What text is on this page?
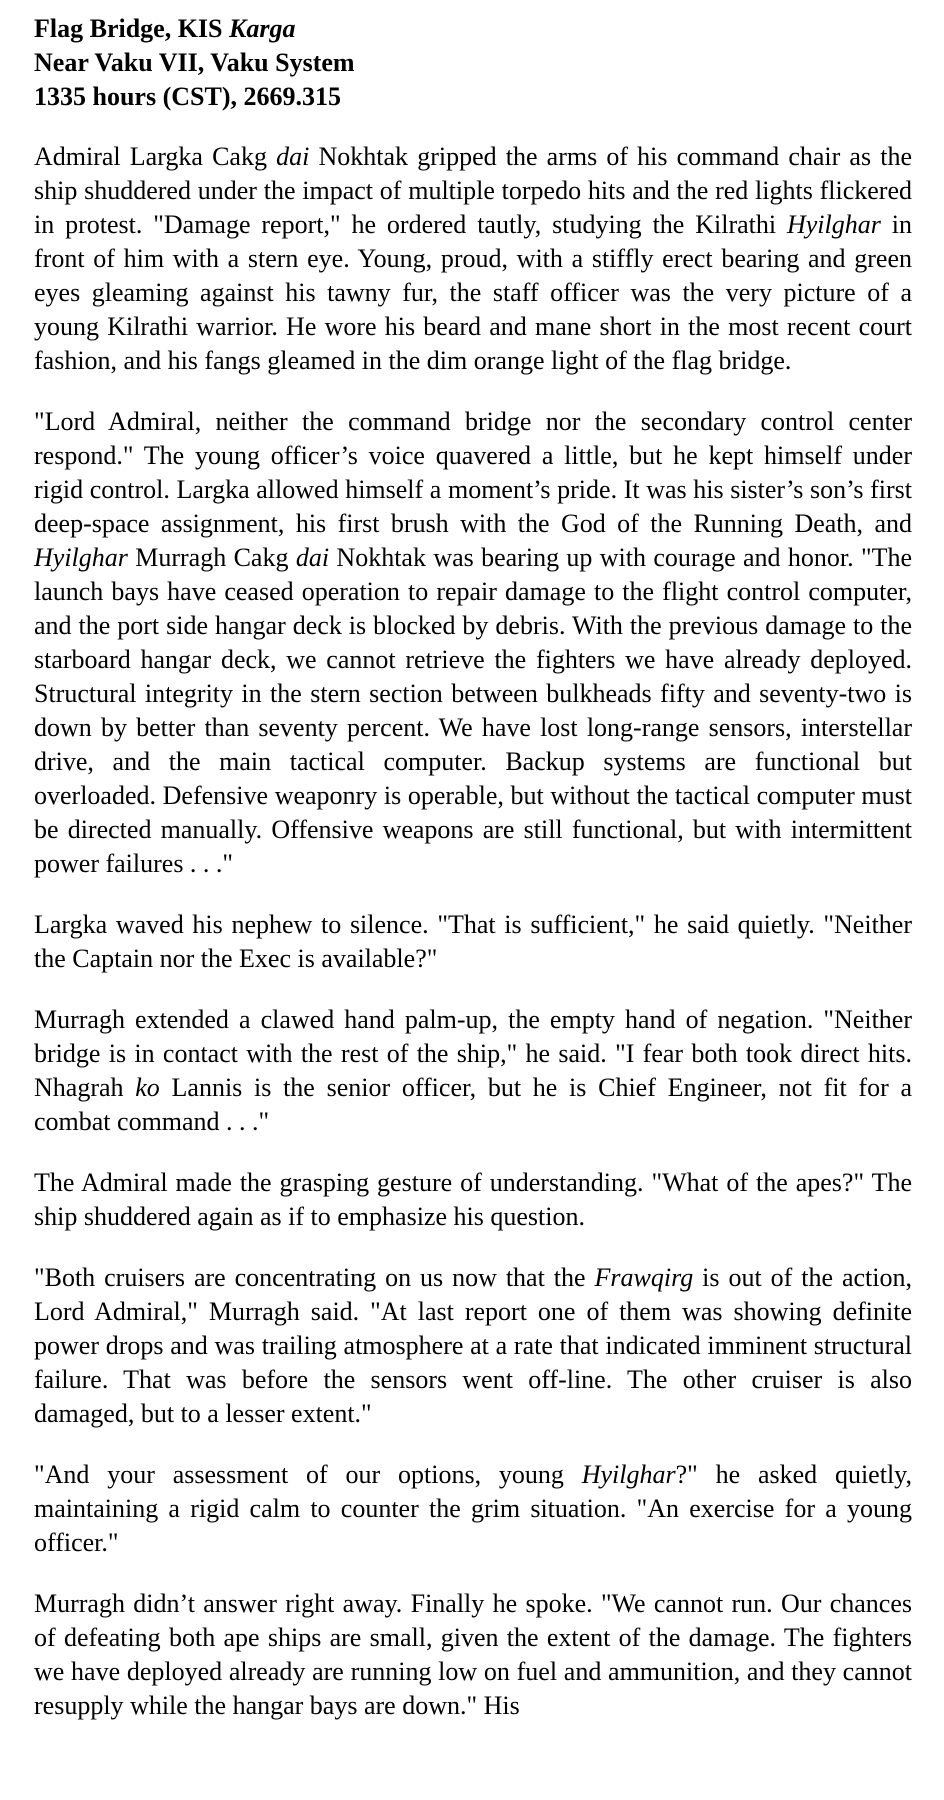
Flag Bridge, KIS Karga
Near Vaku VII, Vaku System
1335 hours (CST), 2669.315

Admiral Largka Cakg dai Nokhtak gripped the arms of his command chair as the ship shuddered under the impact of multiple torpedo hits and the red lights flickered in protest. "Damage report," he ordered tautly, studying the Kilrathi Hyilghar in front of him with a stern eye. Young, proud, with a stiffly erect bearing and green eyes gleaming against his tawny fur, the staff officer was the very picture of a young Kilrathi warrior. He wore his beard and mane short in the most recent court fashion, and his fangs gleamed in the dim orange light of the flag bridge.

"Lord Admiral, neither the command bridge nor the secondary control center respond." The young officer’s voice quavered a little, but he kept himself under rigid control. Largka allowed himself a moment’s pride. It was his sister’s son’s first deep-space assignment, his first brush with the God of the Running Death, and Hyilghar Murragh Cakg dai Nokhtak was bearing up with courage and honor. "The launch bays have ceased operation to repair damage to the flight control computer, and the port side hangar deck is blocked by debris. With the previous damage to the starboard hangar deck, we cannot retrieve the fighters we have already deployed. Structural integrity in the stern section between bulkheads fifty and seventy-two is down by better than seventy percent. We have lost long-range sensors, interstellar drive, and the main tactical computer. Backup systems are functional but overloaded. Defensive weaponry is operable, but without the tactical computer must be directed manually. Offensive weapons are still functional, but with intermittent power failures . . ."

Largka waved his nephew to silence. "That is sufficient," he said quietly. "Neither the Captain nor the Exec is available?"

Murragh extended a clawed hand palm-up, the empty hand of negation. "Neither bridge is in contact with the rest of the ship," he said. "I fear both took direct hits. Nhagrah ko Lannis is the senior officer, but he is Chief Engineer, not fit for a combat command . . ."

The Admiral made the grasping gesture of understanding. "What of the apes?" The ship shuddered again as if to emphasize his question.

"Both cruisers are concentrating on us now that the Frawqirg is out of the action, Lord Admiral," Murragh said. "At last report one of them was showing definite power drops and was trailing atmosphere at a rate that indicated imminent structural failure. That was before the sensors went off-line. The other cruiser is also damaged, but to a lesser extent."

"And your assessment of our options, young Hyilghar?" he asked quietly, maintaining a rigid calm to counter the grim situation. "An exercise for a young officer."

Murragh didn’t answer right away. Finally he spoke. "We cannot run. Our chances of defeating both ape ships are small, given the extent of the damage. The fighters we have deployed already are running low on fuel and ammunition, and they cannot resupply while the hangar bays are down." His
